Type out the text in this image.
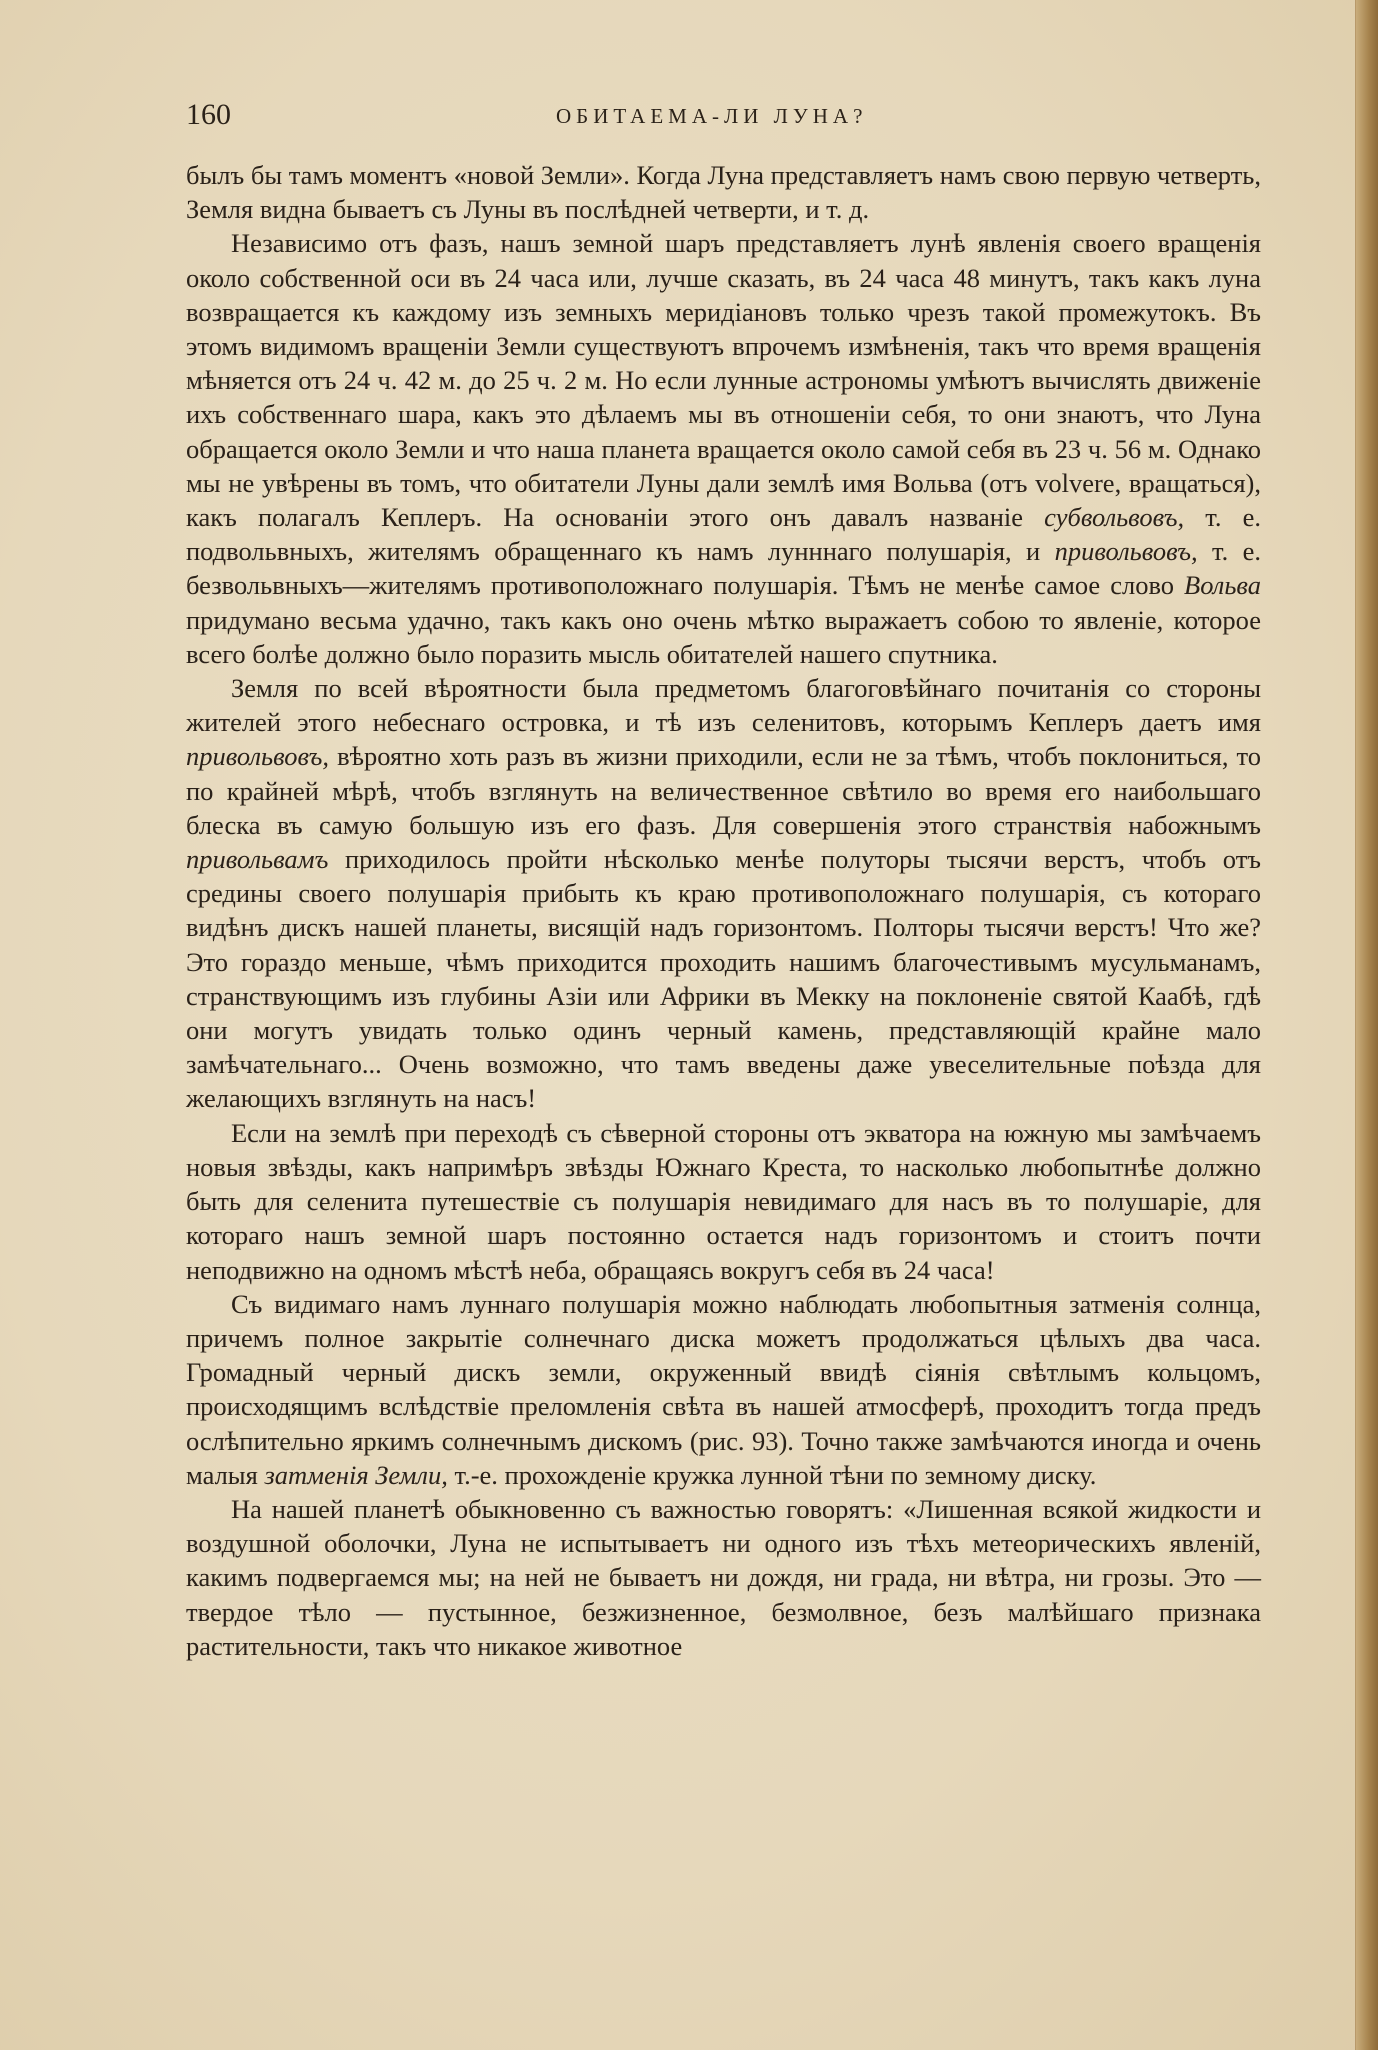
160	ОБИТАЕМА-ЛИ ЛУНА?

былъ бы тамъ моментъ «новой Земли». Когда Луна представляетъ намъ свою первую четверть, Земля видна бываетъ съ Луны въ послѣдней четверти, и т. д.

Независимо отъ фазъ, нашъ земной шаръ представляетъ лунѣ явленія своего вращенія около собственной оси въ 24 часа или, лучше сказать, въ 24 часа 48 минутъ, такъ какъ луна возвращается къ каждому изъ земныхъ меридіановъ только чрезъ такой промежутокъ. Въ этомъ видимомъ вращеніи Земли существуютъ впрочемъ измѣненія, такъ что время вращенія мѣняется отъ 24 ч. 42 м. до 25 ч. 2 м. Но если лунные астрономы умѣютъ вычислять движеніе ихъ собственнаго шара, какъ это дѣлаемъ мы въ отношеніи себя, то они знаютъ, что Луна обращается около Земли и что наша планета вращается около самой себя въ 23 ч. 56 м. Однако мы не увѣрены въ томъ, что обитатели Луны дали землѣ имя Вольва (отъ volvere, вращаться), какъ полагалъ Кеплеръ. На основаніи этого онъ давалъ названіе субвольвовъ, т. е. подвольвныхъ, жителямъ обращеннаго къ намъ лунннаго полушарія, и привольвовъ, т. е. безвольвныхъ—жителямъ противоположнаго полушарія. Тѣмъ не менѣе самое слово Вольва придумано весьма удачно, такъ какъ оно очень мѣтко выражаетъ собою то явленіе, которое всего болѣе должно было поразить мысль обитателей нашего спутника.

Земля по всей вѣроятности была предметомъ благоговѣйнаго почитанія со стороны жителей этого небеснаго островка, и тѣ изъ селенитовъ, которымъ Кеплеръ даетъ имя привольвовъ, вѣроятно хоть разъ въ жизни приходили, если не за тѣмъ, чтобъ поклониться, то по крайней мѣрѣ, чтобъ взглянуть на величественное свѣтило во время его наибольшаго блеска въ самую большую изъ его фазъ. Для совершенія этого странствія набожнымъ привольвамъ приходилось пройти нѣсколько менѣе полуторы тысячи верстъ, чтобъ отъ средины своего полушарія прибыть къ краю противоположнаго полушарія, съ котораго видѣнъ дискъ нашей планеты, висящій надъ горизонтомъ. Полторы тысячи верстъ! Что же? Это гораздо меньше, чѣмъ приходится проходить нашимъ благочестивымъ мусульманамъ, странствующимъ изъ глубины Азіи или Африки въ Мекку на поклоненіе святой Каабѣ, гдѣ они могутъ увидать только одинъ черный камень, представляющій крайне мало замѣчательнаго... Очень возможно, что тамъ введены даже увеселительные поѣзда для желающихъ взглянуть на насъ!

Если на землѣ при переходѣ съ сѣверной стороны отъ экватора на южную мы замѣчаемъ новыя звѣзды, какъ напримѣръ звѣзды Южнаго Креста, то насколько любопытнѣе должно быть для селенита путешествіе съ полушарія невидимаго для насъ въ то полушаріе, для котораго нашъ земной шаръ постоянно остается надъ горизонтомъ и стоитъ почти неподвижно на одномъ мѣстѣ неба, обращаясь вокругъ себя въ 24 часа!

Съ видимаго намъ луннаго полушарія можно наблюдать любопытныя затменія солнца, причемъ полное закрытіе солнечнаго диска можетъ продолжаться цѣлыхъ два часа. Громадный черный дискъ земли, окруженный ввидѣ сіянія свѣтлымъ кольцомъ, происходящимъ вслѣдствіе преломленія свѣта въ нашей атмосферѣ, проходитъ тогда предъ ослѣпительно яркимъ солнечнымъ дискомъ (рис. 93). Точно также замѣчаются иногда и очень малыя затменія Земли, т.-е. прохожденіе кружка лунной тѣни по земному диску.

На нашей планетѣ обыкновенно съ важностью говорятъ: «Лишенная всякой жидкости и воздушной оболочки, Луна не испытываетъ ни одного изъ тѣхъ метеорическихъ явленій, какимъ подвергаемся мы; на ней не бываетъ ни дождя, ни града, ни вѣтра, ни грозы. Это — твердое тѣло — пустынное, безжизненное, безмолвное, безъ малѣйшаго признака растительности, такъ что никакое животное
